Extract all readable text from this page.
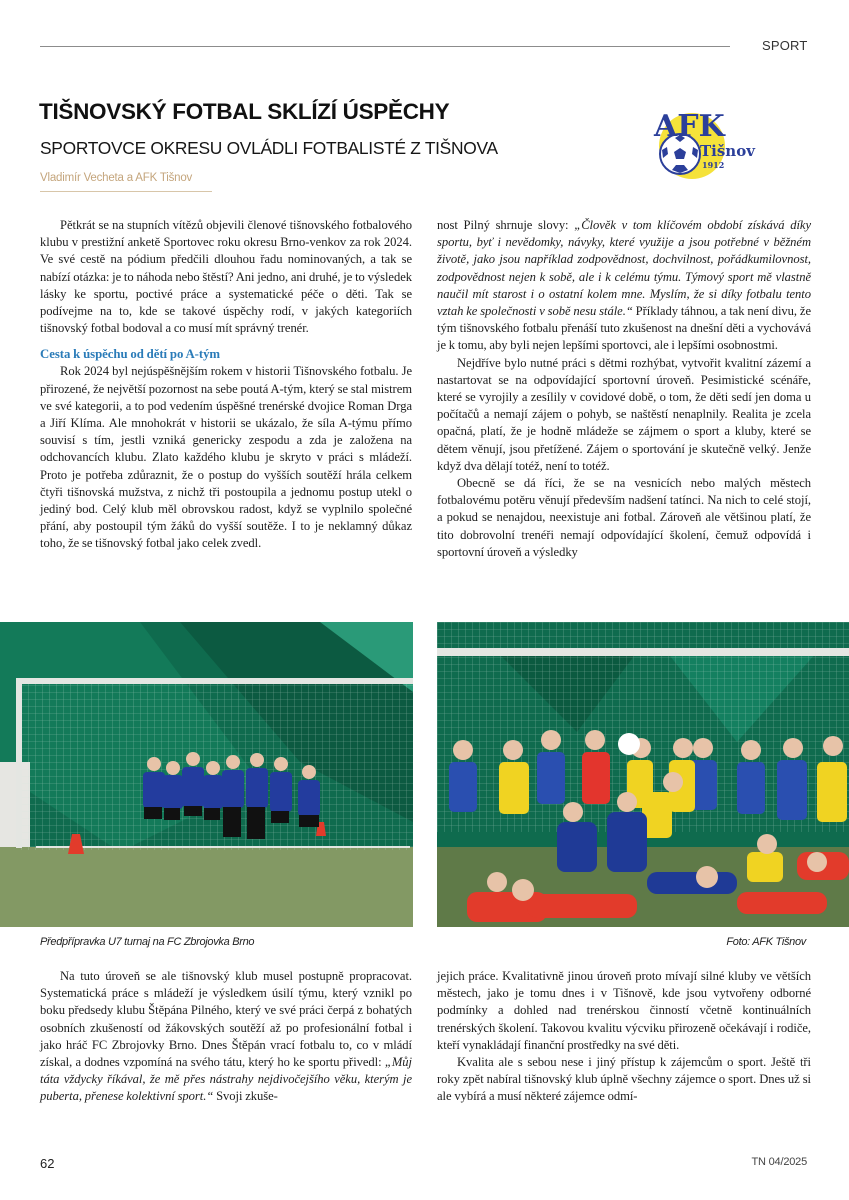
SPORT
TIŠNOVSKÝ FOTBAL SKLÍZÍ ÚSPĚCHY
SPORTOVCE OKRESU OVLÁDLI FOTBALISTÉ Z TIŠNOVA
Vladimír Vecheta a AFK Tišnov
AFK
Tišnov
1912

Pětkrát se na stupních vítězů objevili členové tišnovského fotbalového klubu v prestižní anketě Sportovec roku okresu Brno-venkov za rok 2024. Ve své cestě na pódium předčili dlouhou řadu nominovaných, a tak se nabízí otázka: je to náhoda nebo štěstí? Ani jedno, ani druhé, je to výsledek lásky ke sportu, poctivé práce a systematické péče o děti. Tak se podívejme na to, kde se takové úspěchy rodí, v jakých kategoriích tišnovský fotbal bodoval a co musí mít správný trenér.

Cesta k úspěchu od dětí po A-tým

Rok 2024 byl nejúspěšnějším rokem v historii Tišnovského fotbalu. Je přirozené, že největší pozornost na sebe poutá A-tým, který se stal mistrem ve své kategorii, a to pod vedením úspěšné trenérské dvojice Roman Drga a Jiří Klíma. Ale mnohokrát v historii se ukázalo, že síla A-týmu přímo souvisí s tím, jestli vzniká genericky zespodu a zda je založena na odchovancích klubu. Zlato každého klubu je skryto v práci s mládeží. Proto je potřeba zdůraznit, že o postup do vyšších soutěží hrála celkem čtyři tišnovská mužstva, z nichž tři postoupila a jednomu postup utekl o jediný bod. Celý klub měl obrovskou radost, když se vyplnilo společné přání, aby postoupil tým žáků do vyšší soutěže. I to je neklamný důkaz toho, že se tišnovský fotbal jako celek zvedl.

nost Pilný shrnuje slovy: „Člověk v tom klíčovém období získává díky sportu, byť i nevědomky, návyky, které využije a jsou potřebné v běžném životě, jako jsou například zodpovědnost, dochvilnost, pořádkumilovnost, zodpovědnost nejen k sobě, ale i k celému týmu. Týmový sport mě vlastně naučil mít starost i o ostatní kolem mne. Myslím, že si díky fotbalu tento vztah ke společnosti v sobě nesu stále.“ Příklady táhnou, a tak není divu, že tým tišnovského fotbalu přenáší tuto zkušenost na dnešní děti a vychovává je k tomu, aby byli nejen lepšími sportovci, ale i lepšími osobnostmi.

Nejdříve bylo nutné práci s dětmi rozhýbat, vytvořit kvalitní zázemí a nastartovat se na odpovídající sportovní úroveň. Pesimistické scénáře, které se vyrojily a zesílily v covidové době, o tom, že děti sedí jen doma u počítačů a nemají zájem o pohyb, se naštěstí nenaplnily. Realita je zcela opačná, platí, že je hodně mládeže se zájmem o sport a kluby, které se dětem věnují, jsou přetížené. Zájem o sportování je skutečně velký. Jenže když dva dělají totéž, není to totéž.

Obecně se dá říci, že se na vesnicích nebo malých městech fotbalovému potěru věnují především nadšení tatínci. Na nich to celé stojí, a pokud se nenajdou, neexistuje ani fotbal. Zároveň ale většinou platí, že tito dobrovolní trenéři nemají odpovídající školení, čemuž odpovídá i sportovní úroveň a výsledky

Předpřípravka U7 turnaj na FC Zbrojovka Brno	Foto: AFK Tišnov

Na tuto úroveň se ale tišnovský klub musel postupně propracovat. Systematická práce s mládeží je výsledkem úsilí týmu, který vznikl po boku předsedy klubu Štěpána Pilného, který ve své práci čerpá z bohatých osobních zkušeností od žákovských soutěží až po profesionální fotbal i jako hráč FC Zbrojovky Brno. Dnes Štěpán vrací fotbalu to, co v mládí získal, a dodnes vzpomíná na svého tátu, který ho ke sportu přivedl: „Můj táta vždycky říkával, že mě přes nástrahy nejdivočejšího věku, kterým je puberta, přenese kolektivní sport.“ Svoji zkuše-

jejich práce. Kvalitativně jinou úroveň proto mívají silné kluby ve větších městech, jako je tomu dnes i v Tišnově, kde jsou vytvořeny odborné podmínky a dohled nad trenérskou činností včetně kontinuálních trenérských školení. Takovou kvalitu výcviku přirozeně očekávají i rodiče, kteří vynakládají finanční prostředky na své děti.

Kvalita ale s sebou nese i jiný přístup k zájemcům o sport. Ještě tři roky zpět nabíral tišnovský klub úplně všechny zájemce o sport. Dnes už si ale vybírá a musí některé zájemce odmí-

62	TN 04/2025
